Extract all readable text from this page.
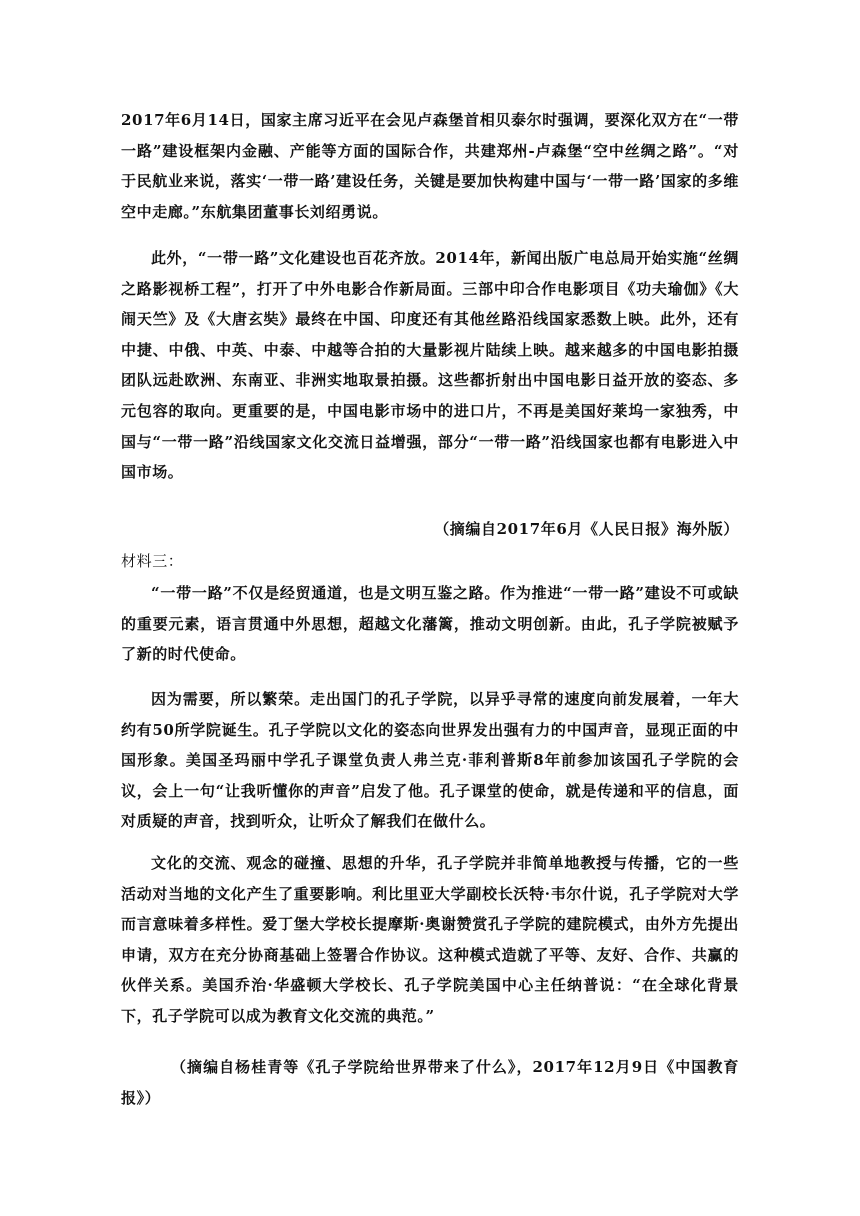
2017年6月14日，国家主席习近平在会见卢森堡首相贝泰尔时强调，要深化双方在“一带一路”建设框架内金融、产能等方面的国际合作，共建郑州-卢森堡“空中丝绸之路”。“对于民航业来说，落实‘一带一路’建设任务，关键是要加快构建中国与‘一带一路’国家的多维空中走廊。”东航集团董事长刘绍勇说。
此外，“一带一路”文化建设也百花齐放。2014年，新闻出版广电总局开始实施“丝绸之路影视桥工程”，打开了中外电影合作新局面。三部中印合作电影项目《功夫瑜伽》《大闹天竺》及《大唐玄奘》最终在中国、印度还有其他丝路沿线国家悉数上映。此外，还有中捷、中俄、中英、中泰、中越等合拍的大量影视片陆续上映。越来越多的中国电影拍摄团队远赴欧洲、东南亚、非洲实地取景拍摄。这些都折射出中国电影日益开放的姿态、多元包容的取向。更重要的是，中国电影市场中的进口片，不再是美国好莱坞一家独秀，中国与“一带一路”沿线国家文化交流日益增强，部分“一带一路”沿线国家也都有电影进入中国市场。
（摘编自2017年6月《人民日报》海外版）
材料三：
“一带一路”不仅是经贸通道，也是文明互鉴之路。作为推进“一带一路”建设不可或缺的重要元素，语言贯通中外思想，超越文化藩篱，推动文明创新。由此，孔子学院被赋予了新的时代使命。
因为需要，所以繁荣。走出国门的孔子学院，以异乎寻常的速度向前发展着，一年大约有50所学院诞生。孔子学院以文化的姿态向世界发出强有力的中国声音，显现正面的中国形象。美国圣玛丽中学孔子课堂负责人弗兰克·菲利普斯8年前参加该国孔子学院的会议，会上一句“让我听懂你的声音”启发了他。孔子课堂的使命，就是传递和平的信息，面对质疑的声音，找到听众，让听众了解我们在做什么。
文化的交流、观念的碰撞、思想的升华，孔子学院并非简单地教授与传播，它的一些活动对当地的文化产生了重要影响。利比里亚大学副校长沃特·韦尔什说，孔子学院对大学而言意味着多样性。爱丁堡大学校长提摩斯·奥谢赞赏孔子学院的建院模式，由外方先提出申请，双方在充分协商基础上签署合作协议。这种模式造就了平等、友好、合作、共赢的伙伴关系。美国乔治·华盛顿大学校长、孔子学院美国中心主任纳普说：“在全球化背景下，孔子学院可以成为教育文化交流的典范。”
（摘编自杨桂青等《孔子学院给世界带来了什么》，2017年12月9日《中国教育报》）
